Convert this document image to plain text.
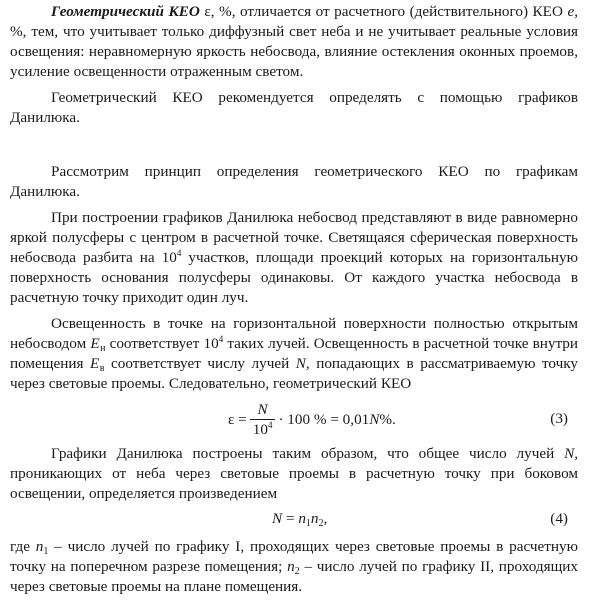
Геометрический КЕО ε, %, отличается от расчетного (действительного) КЕО е, %, тем, что учитывает только диффузный свет неба и не учитывает реальные условия освещения: неравномерную яркость небосвода, влияние остекления оконных проемов, усиление освещенности отраженным светом.

Геометрический КЕО рекомендуется определять с помощью графиков Данилюка.

Рассмотрим принцип определения геометрического КЕО по графикам Данилюка.

При построении графиков Данилюка небосвод представляют в виде равномерно яркой полусферы с центром в расчетной точке. Светящаяся сферическая поверхность небосвода разбита на $10^4$ участков, площади проекций которых на горизонтальную поверхность основания полусферы одинаковы. От каждого участка небосвода в расчетную точку приходит один луч.

Освещенность в точке на горизонтальной поверхности полностью открытым небосводом $E_н$ соответствует $10^4$ таких лучей. Освещенность в расчетной точке внутри помещения $E_в$ соответствует числу лучей N, попадающих в рассматриваемую точку через световые проемы. Следовательно, геометрический КЕО

$\varepsilon = \frac{N}{10^4} \cdot 100$ % = 0,01 N %.	(3)

Графики Данилюка построены таким образом, что общее число лучей N, проникающих от неба через световые проемы в расчетную точку при боковом освещении, определяется произведением

$N = n_1n_2$,	(4)

где $n_1$ – число лучей по графику I, проходящих через световые проемы в расчетную точку на поперечном разрезе помещения; $n_2$ – число лучей по графику II, проходящих через световые проемы на плане помещения.
